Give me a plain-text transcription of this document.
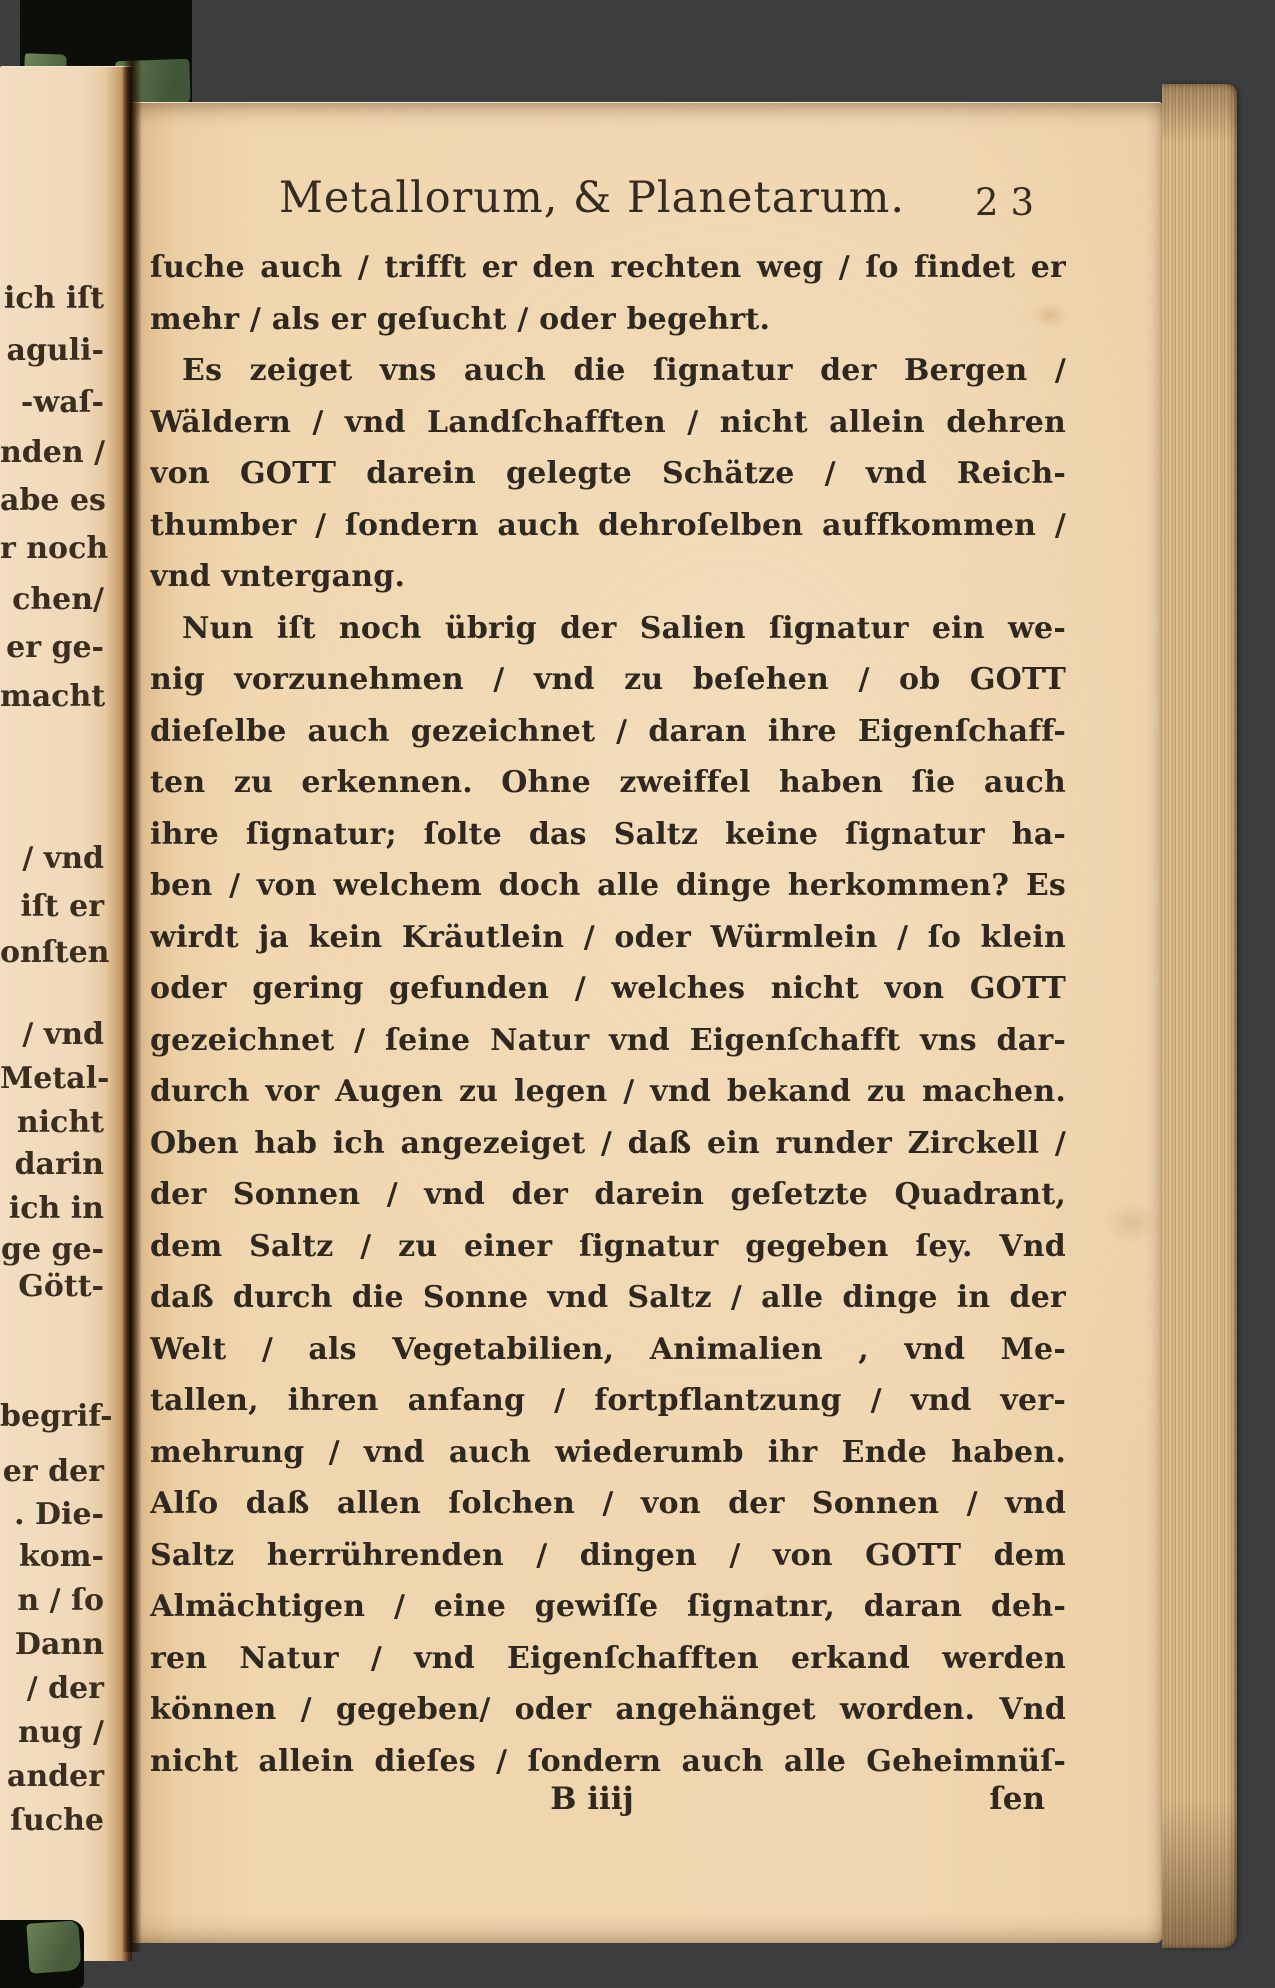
ich iſt
aguli-
-waſ-
nden /
abe es
r noch
chen/
er ge-
macht
/ vnd
iſt er
onſten
/ vnd
Metal-
nicht
darin
ich in
ge ge-
Gött-
begrif-
er der
. Die-
kom-
n / ſo
Dann
/ der
nug /
ander
ſuche
Metallorum, & Planetarum.	23
ſuche auch / trifft er den rechten weg / ſo findet er
mehr / als er geſucht / oder begehrt.
Es zeiget vns auch die ſignatur der Bergen /
Wäldern / vnd Landſchafften / nicht allein dehren
von GOTT darein gelegte Schätze / vnd Reich-
thumber / ſondern auch dehroſelben auffkommen /
vnd vntergang.
Nun iſt noch übrig der Salien ſignatur ein we-
nig vorzunehmen / vnd zu beſehen / ob GOTT
dieſelbe auch gezeichnet / daran ihre Eigenſchaff-
ten zu erkennen. Ohne zweiffel haben ſie auch
ihre ſignatur; ſolte das Saltz keine ſignatur ha-
ben / von welchem doch alle dinge herkommen? Es
wirdt ja kein Kräutlein / oder Würmlein / ſo klein
oder gering gefunden / welches nicht von GOTT
gezeichnet / ſeine Natur vnd Eigenſchafft vns dar-
durch vor Augen zu legen / vnd bekand zu machen.
Oben hab ich angezeiget / daß ein runder Zirckell /
der Sonnen / vnd der darein geſetzte Quadrant,
dem Saltz / zu einer ſignatur gegeben ſey. Vnd
daß durch die Sonne vnd Saltz / alle dinge in der
Welt / als Vegetabilien, Animalien , vnd Me-
tallen, ihren anfang / fortpflantzung / vnd ver-
mehrung / vnd auch wiederumb ihr Ende haben.
Alſo daß allen ſolchen / von der Sonnen / vnd
Saltz herrührenden / dingen / von GOTT dem
Almächtigen / eine gewiſſe ſignatnr, daran deh-
ren Natur / vnd Eigenſchafften erkand werden
können / gegeben/ oder angehänget worden. Vnd
nicht allein dieſes / ſondern auch alle Geheimnüſ-
B iiij	ſen
